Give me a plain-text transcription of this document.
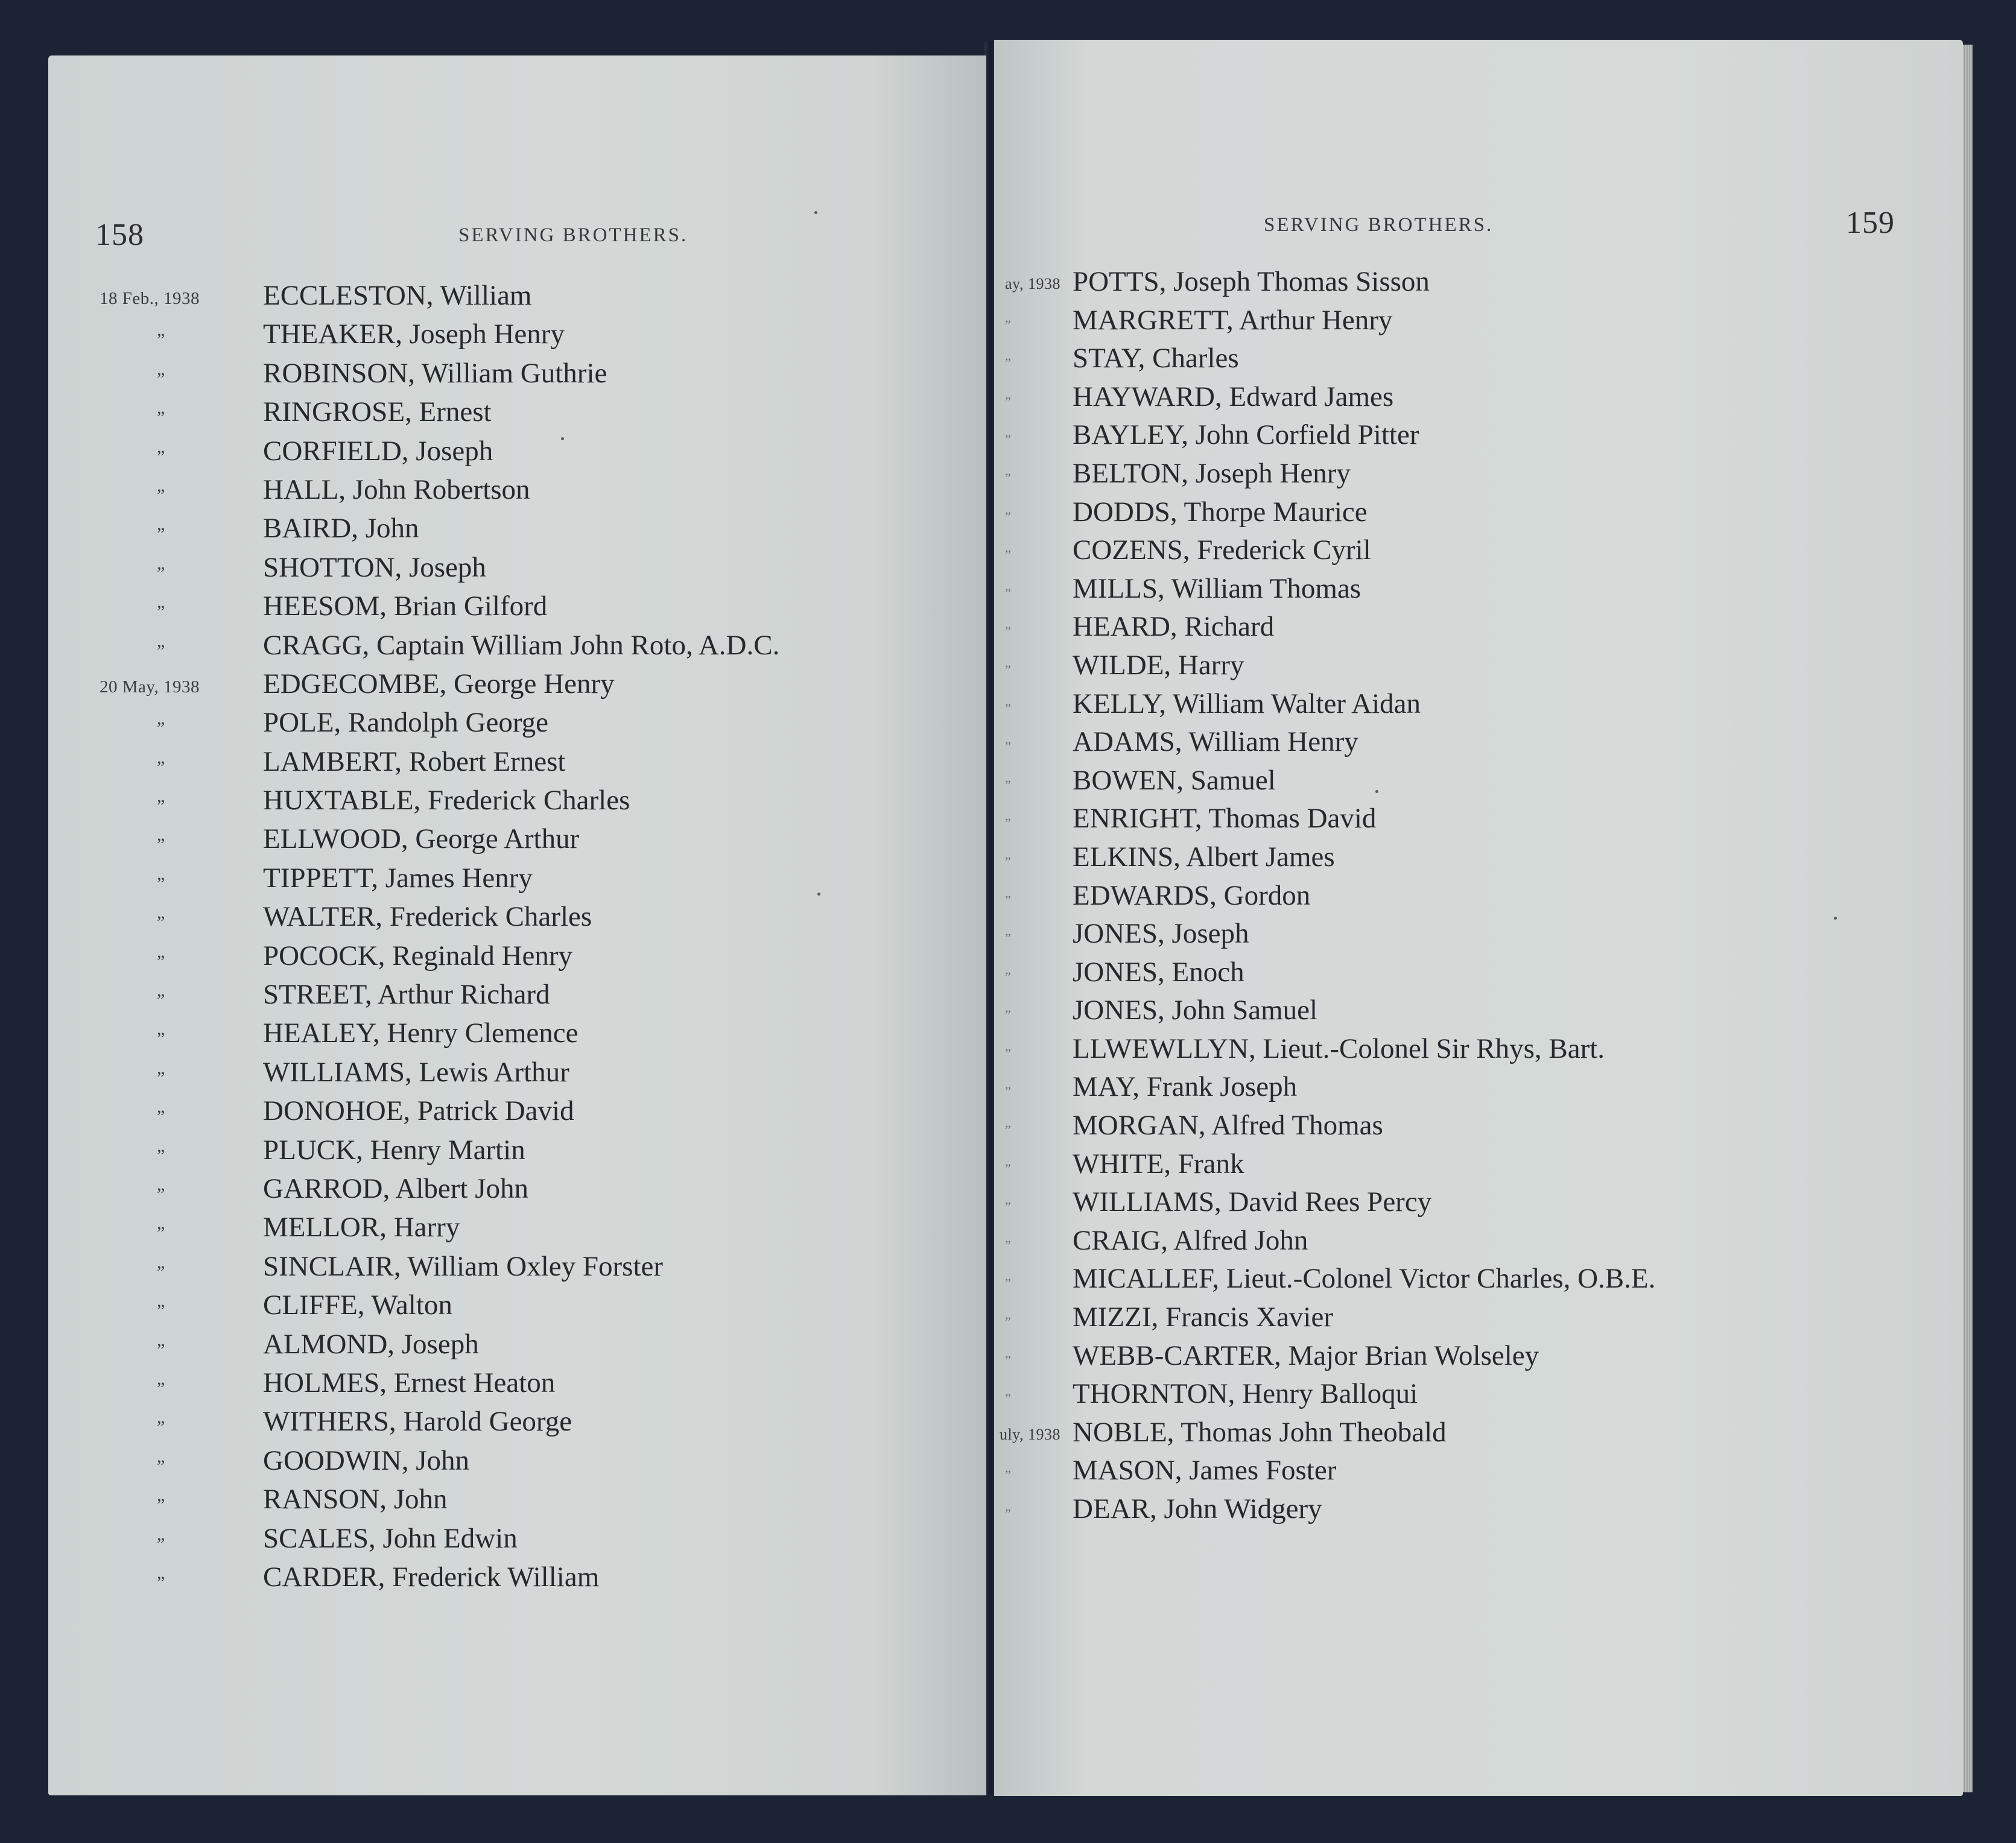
158	SERVING BROTHERS.	159
SERVING BROTHERS.
18 Feb., 1938	ECCLESTON, William
”	THEAKER, Joseph Henry
”	ROBINSON, William Guthrie
”	RINGROSE, Ernest
”	CORFIELD, Joseph
”	HALL, John Robertson
”	BAIRD, John
”	SHOTTON, Joseph
”	HEESOM, Brian Gilford
”	CRAGG, Captain William John Roto, A.D.C.
20 May, 1938	EDGECOMBE, George Henry
”	POLE, Randolph George
”	LAMBERT, Robert Ernest
”	HUXTABLE, Frederick Charles
”	ELLWOOD, George Arthur
”	TIPPETT, James Henry
”	WALTER, Frederick Charles
”	POCOCK, Reginald Henry
”	STREET, Arthur Richard
”	HEALEY, Henry Clemence
”	WILLIAMS, Lewis Arthur
”	DONOHOE, Patrick David
”	PLUCK, Henry Martin
”	GARROD, Albert John
”	MELLOR, Harry
”	SINCLAIR, William Oxley Forster
”	CLIFFE, Walton
”	ALMOND, Joseph
”	HOLMES, Ernest Heaton
”	WITHERS, Harold George
”	GOODWIN, John
”	RANSON, John
”	SCALES, John Edwin
”	CARDER, Frederick William
ay, 1938 POTTS, Joseph Thomas Sisson
”	MARGRETT, Arthur Henry
”	STAY, Charles
”	HAYWARD, Edward James
”	BAYLEY, John Corfield Pitter
”	BELTON, Joseph Henry
”	DODDS, Thorpe Maurice
”	COZENS, Frederick Cyril
”	MILLS, William Thomas
”	HEARD, Richard
”	WILDE, Harry
”	KELLY, William Walter Aidan
”	ADAMS, William Henry
”	BOWEN, Samuel
”	ENRIGHT, Thomas David
”	ELKINS, Albert James
”	EDWARDS, Gordon
”	JONES, Joseph
”	JONES, Enoch
”	JONES, John Samuel
”	LLWEWLLYN, Lieut.-Colonel Sir Rhys, Bart.
”	MAY, Frank Joseph
”	MORGAN, Alfred Thomas
”	WHITE, Frank
”	WILLIAMS, David Rees Percy
”	CRAIG, Alfred John
”	MICALLEF, Lieut.-Colonel Victor Charles, O.B.E.
”	MIZZI, Francis Xavier
”	WEBB-CARTER, Major Brian Wolseley
”	THORNTON, Henry Balloqui
uly, 1938 NOBLE, Thomas John Theobald
”	MASON, James Foster
”	DEAR, John Widgery
